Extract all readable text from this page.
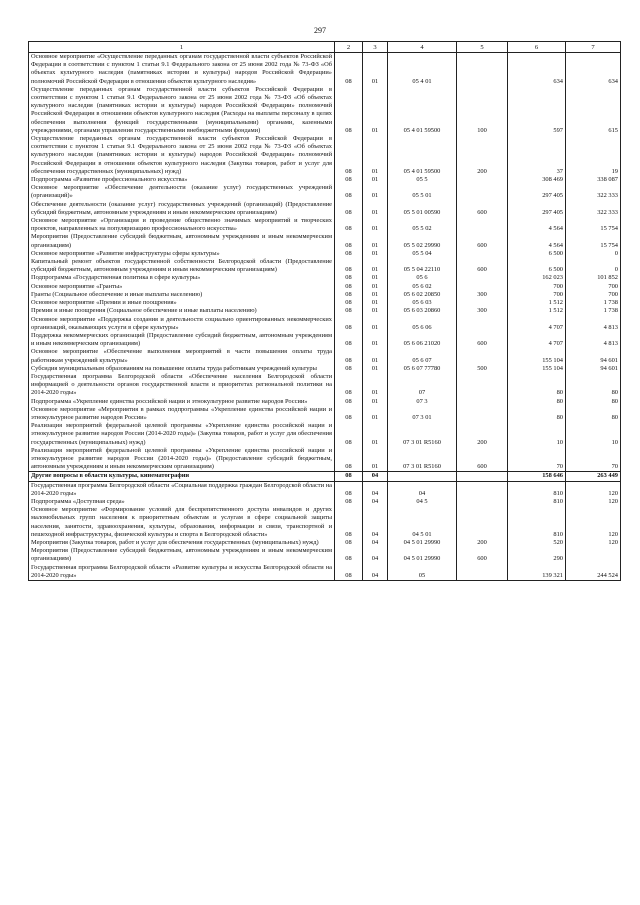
297
1	2	3	4	5	6	7
Основное мероприятие «Осуществление переданных органам государственной власти субъектов Российской Федерации в соответствии с пунктом 1 статьи 9.1 Федерального закона от 25 июня 2002 года № 73-ФЗ «Об объектах культурного наследия (памятниках истории и культуры) народов Российской Федерации» полномочий Российской Федерации в отношении объектов культурного наследия»	08	01	05 4 01		634	634
Осуществление переданных органам государственной власти субъектов Российской Федерации в соответствии с пунктом 1 статьи 9.1 Федерального закона от 25 июня 2002 года № 73-ФЗ «Об объектах культурного наследия (памятниках истории и культуры) народов Российской Федерации» полномочий Российской Федерации в отношении объектов культурного наследия (Расходы на выплаты персоналу в целях обеспечения выполнения функций государственными (муниципальными) органами, казенными учреждениями, органами управления государственными внебюджетными фондами)	08	01	05 4 01 59500	100	597	615
Осуществление переданных органам государственной власти субъектов Российской Федерации в соответствии с пунктом 1 статьи 9.1 Федерального закона от 25 июня 2002 года № 73-ФЗ «Об объектах культурного наследия (памятниках истории и культуры) народов Российской Федерации» полномочий Российской Федерации в отношении объектов культурного наследия (Закупка товаров, работ и услуг для обеспечения государственных (муниципальных) нужд)	08	01	05 4 01 59500	200	37	19
Подпрограмма «Развитие профессионального искусства»	08	01	05 5		308 469	338 087
Основное мероприятие «Обеспечение деятельности (оказание услуг) государственных учреждений (организаций)»	08	01	05 5 01		297 405	322 333
Обеспечение деятельности (оказание услуг) государственных учреждений (организаций) (Предоставление субсидий бюджетным, автономным учреждениям и иным некоммерческим организациям)	08	01	05 5 01 00590	600	297 405	322 333
Основное мероприятие «Организация и проведение общественно значимых мероприятий и творческих проектов, направленных на популяризацию профессионального искусства»	08	01	05 5 02		4 564	15 754
Мероприятия (Предоставление субсидий бюджетным, автономным учреждениям и иным некоммерческим организациям)	08	01	05 5 02 29990	600	4 564	15 754
Основное мероприятие «Развитие инфраструктуры сферы культуры»	08	01	05 5 04		6 500	0
Капитальный ремонт объектов государственной собственности Белгородской области (Предоставление субсидий бюджетным, автономным учреждениям и иным некоммерческим организациям)	08	01	05 5 04 22110	600	6 500	0
Подпрограмма «Государственная политика в сфере культуры»	08	01	05 6		162 023	101 852
Основное мероприятие «Гранты»	08	01	05 6 02		700	700
Гранты (Социальное обеспечение и иные выплаты населению)	08	01	05 6 02 20850	300	700	700
Основное мероприятие «Премии и иные поощрения»	08	01	05 6 03		1 512	1 738
Премии и иные поощрения (Социальное обеспечение и иные выплаты населению)	08	01	05 6 03 20860	300	1 512	1 738
Основное мероприятие «Поддержка создания и деятельности социально ориентированных некоммерческих организаций, оказывающих услуги в сфере культуры»	08	01	05 6 06		4 707	4 813
Поддержка некоммерческих организаций (Предоставление субсидий бюджетным, автономным учреждениям и иным некоммерческим организациям)	08	01	05 6 06 21020	600	4 707	4 813
Основное мероприятие «Обеспечение выполнения мероприятий в части повышения оплаты труда работникам учреждений культуры»	08	01	05 6 07		155 104	94 601
Субсидия муниципальным образованиям на повышение оплаты труда работникам учреждений культуры	08	01	05 6 07 77780	500	155 104	94 601
Государственная программа Белгородской области «Обеспечение населения Белгородской области информацией о деятельности органов государственной власти и приоритетах региональной политики на 2014-2020 годы»	08	01	07		80	80
Подпрограмма «Укрепление единства российской нации и этнокультурное развитие народов России»	08	01	07 3		80	80
Основное мероприятие «Мероприятия в рамках подпрограммы «Укрепление единства российской нации и этнокультурное развитие народов России»	08	01	07 3 01		80	80
Реализация мероприятий федеральной целевой программы «Укрепление единства российской нации и этнокультурное развитие народов России (2014-2020 годы)» (Закупка товаров, работ и услуг для обеспечения государственных (муниципальных) нужд)	08	01	07 3 01 R5160	200	10	10
Реализация мероприятий федеральной целевой программы «Укрепление единства российской нации и этнокультурное развитие народов России (2014-2020 годы)» (Предоставление субсидий бюджетным, автономным учреждениям и иным некоммерческим организациям)	08	01	07 3 01 R5160	600	70	70
Другие вопросы в области культуры, кинематографии	08	04			158 646	263 449
Государственная программа Белгородской области «Социальная поддержка граждан Белгородской области на 2014-2020 годы»	08	04	04		810	120
Подпрограмма «Доступная среда»	08	04	04 5		810	120
Основное мероприятие «Формирование условий для беспрепятственного доступа инвалидов и других маломобильных групп населения к приоритетным объектам и услугам в сфере социальной защиты населения, занятости, здравоохранения, культуры, образования, информации и связи, транспортной и пешеходной инфраструктуры, физической культуры и спорта в Белгородской области»	08	04	04 5 01		810	120
Мероприятия (Закупка товаров, работ и услуг для обеспечения государственных (муниципальных) нужд)	08	04	04 5 01 29990	200	520	120
Мероприятия (Предоставление субсидий бюджетным, автономным учреждениям и иным некоммерческим организациям)	08	04	04 5 01 29990	600	290	
Государственная программа Белгородской области «Развитие культуры и искусства Белгородской области на 2014-2020 годы»	08	04	05		139 321	244 524
